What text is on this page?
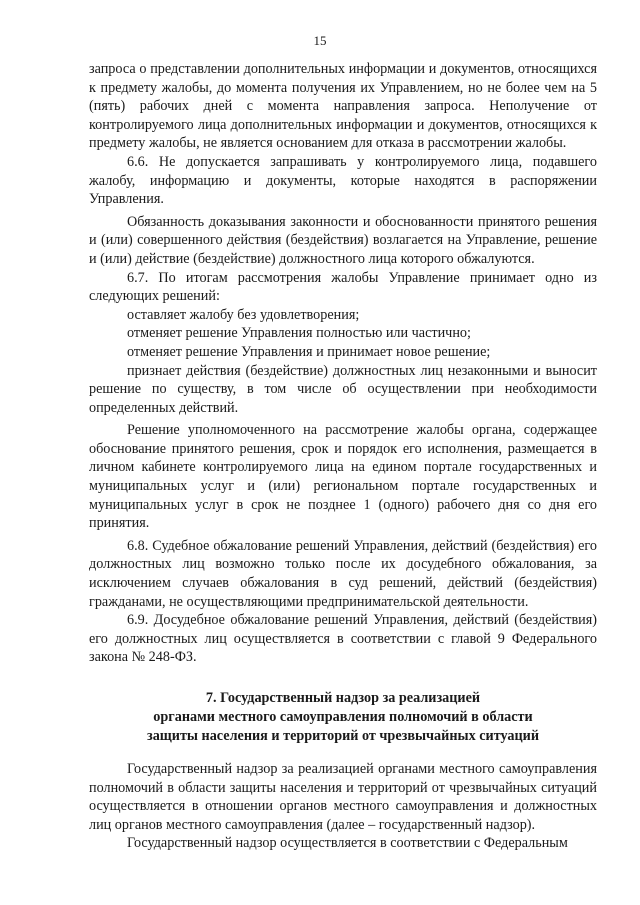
15

запроса о представлении дополнительных информации и документов, относящихся к предмету жалобы, до момента получения их Управлением, но не более чем на 5 (пять) рабочих дней с момента направления запроса. Неполучение от контролируемого лица дополнительных информации и документов, относящихся к предмету жалобы, не является основанием для отказа в рассмотрении жалобы.

6.6. Не допускается запрашивать у контролируемого лица, подавшего жалобу, информацию и документы, которые находятся в распоряжении Управления.

Обязанность доказывания законности и обоснованности принятого решения и (или) совершенного действия (бездействия) возлагается на Управление, решение и (или) действие (бездействие) должностного лица которого обжалуются.

6.7. По итогам рассмотрения жалобы Управление принимает одно из следующих решений:

оставляет жалобу без удовлетворения;

отменяет решение Управления полностью или частично;

отменяет решение Управления и принимает новое решение;

признает действия (бездействие) должностных лиц незаконными и выносит решение по существу, в том числе об осуществлении при необходимости определенных действий.

Решение уполномоченного на рассмотрение жалобы органа, содержащее обоснование принятого решения, срок и порядок его исполнения, размещается в личном кабинете контролируемого лица на едином портале государственных и муниципальных услуг и (или) региональном портале государственных и муниципальных услуг в срок не позднее 1 (одного) рабочего дня со дня его принятия.

6.8. Судебное обжалование решений Управления, действий (бездействия) его должностных лиц возможно только после их досудебного обжалования, за исключением случаев обжалования в суд решений, действий (бездействия) гражданами, не осуществляющими предпринимательской деятельности.

6.9. Досудебное обжалование решений Управления, действий (бездействия) его должностных лиц осуществляется в соответствии с главой 9 Федерального закона № 248-ФЗ.

7. Государственный надзор за реализацией
органами местного самоуправления полномочий в области
защиты населения и территорий от чрезвычайных ситуаций

Государственный надзор за реализацией органами местного самоуправления полномочий в области защиты населения и территорий от чрезвычайных ситуаций осуществляется в отношении органов местного самоуправления и должностных лиц органов местного самоуправления (далее – государственный надзор).

Государственный надзор осуществляется в соответствии с Федеральным
